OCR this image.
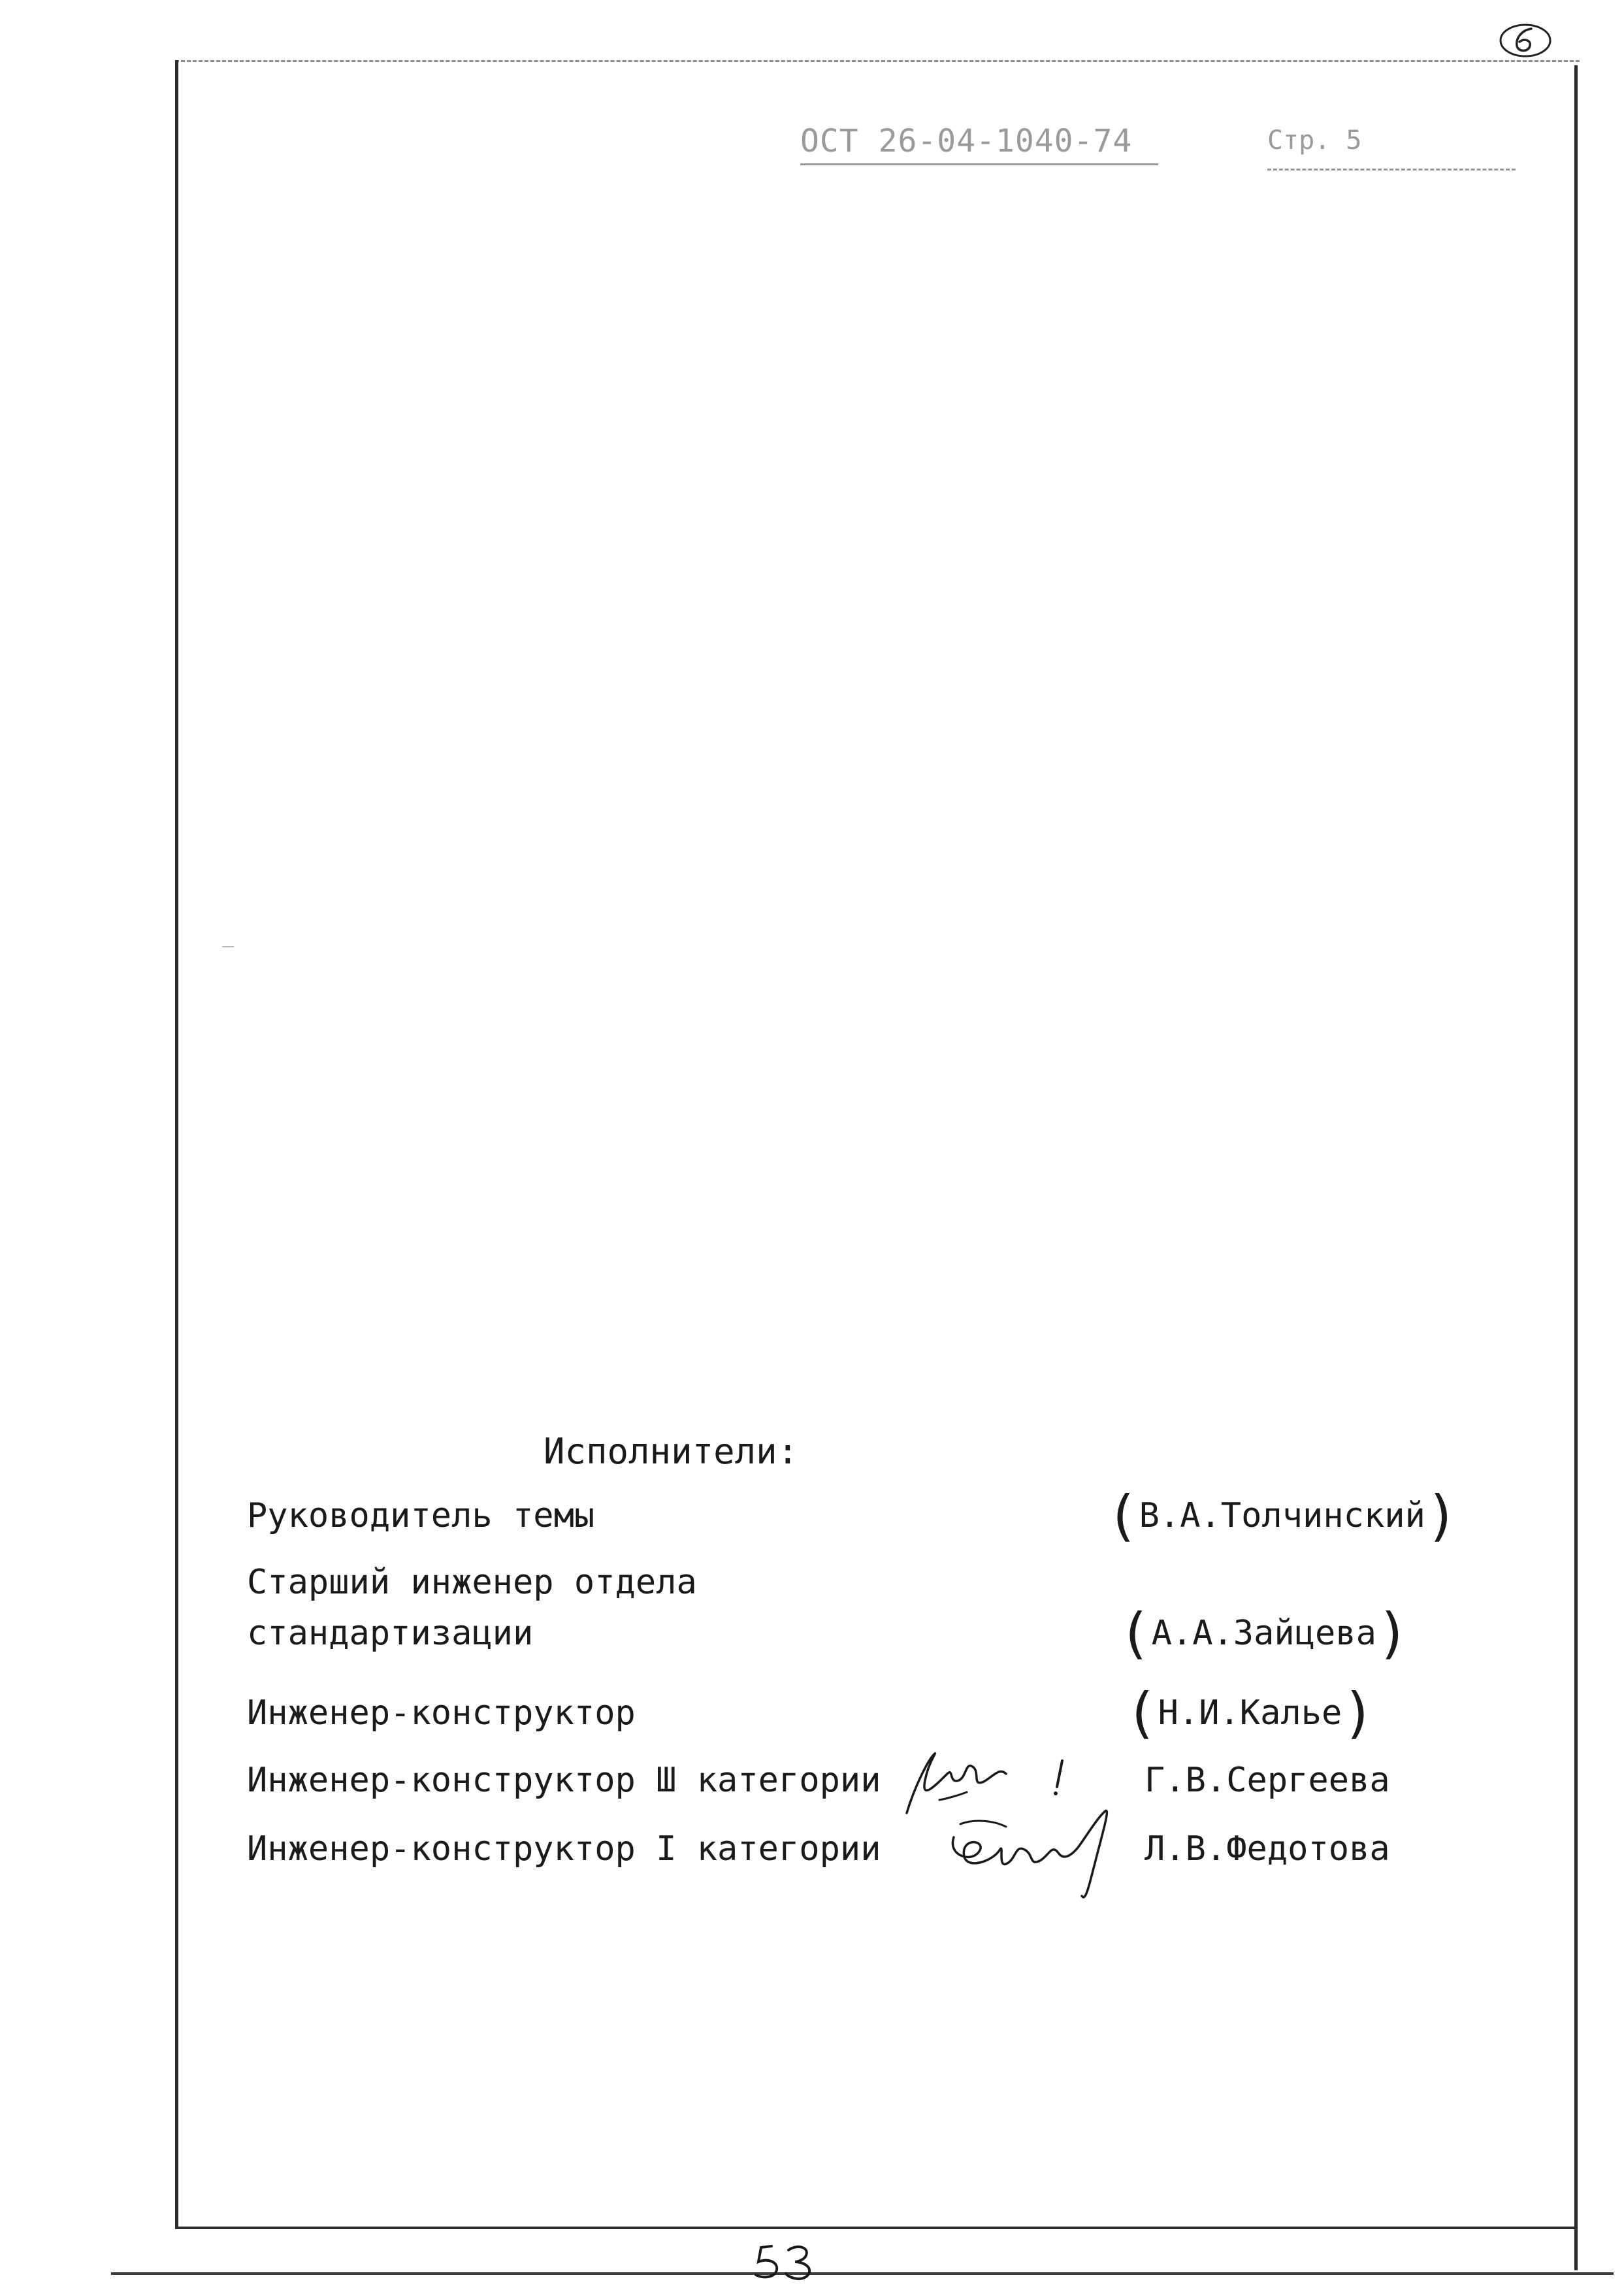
ОСТ 26-04-1040-74	Стр. 5
Исполнители:
Руководитель темы	(В.А.Толчинский)
Старший инженер отдела
стандартизации	(А.А.Зайцева)
Инженер-конструктор	(Н.И.Калье)
Инженер-конструктор Ш категории	Г.В.Сергеева
Инженер-конструктор I категории	Л.В.Федотова
